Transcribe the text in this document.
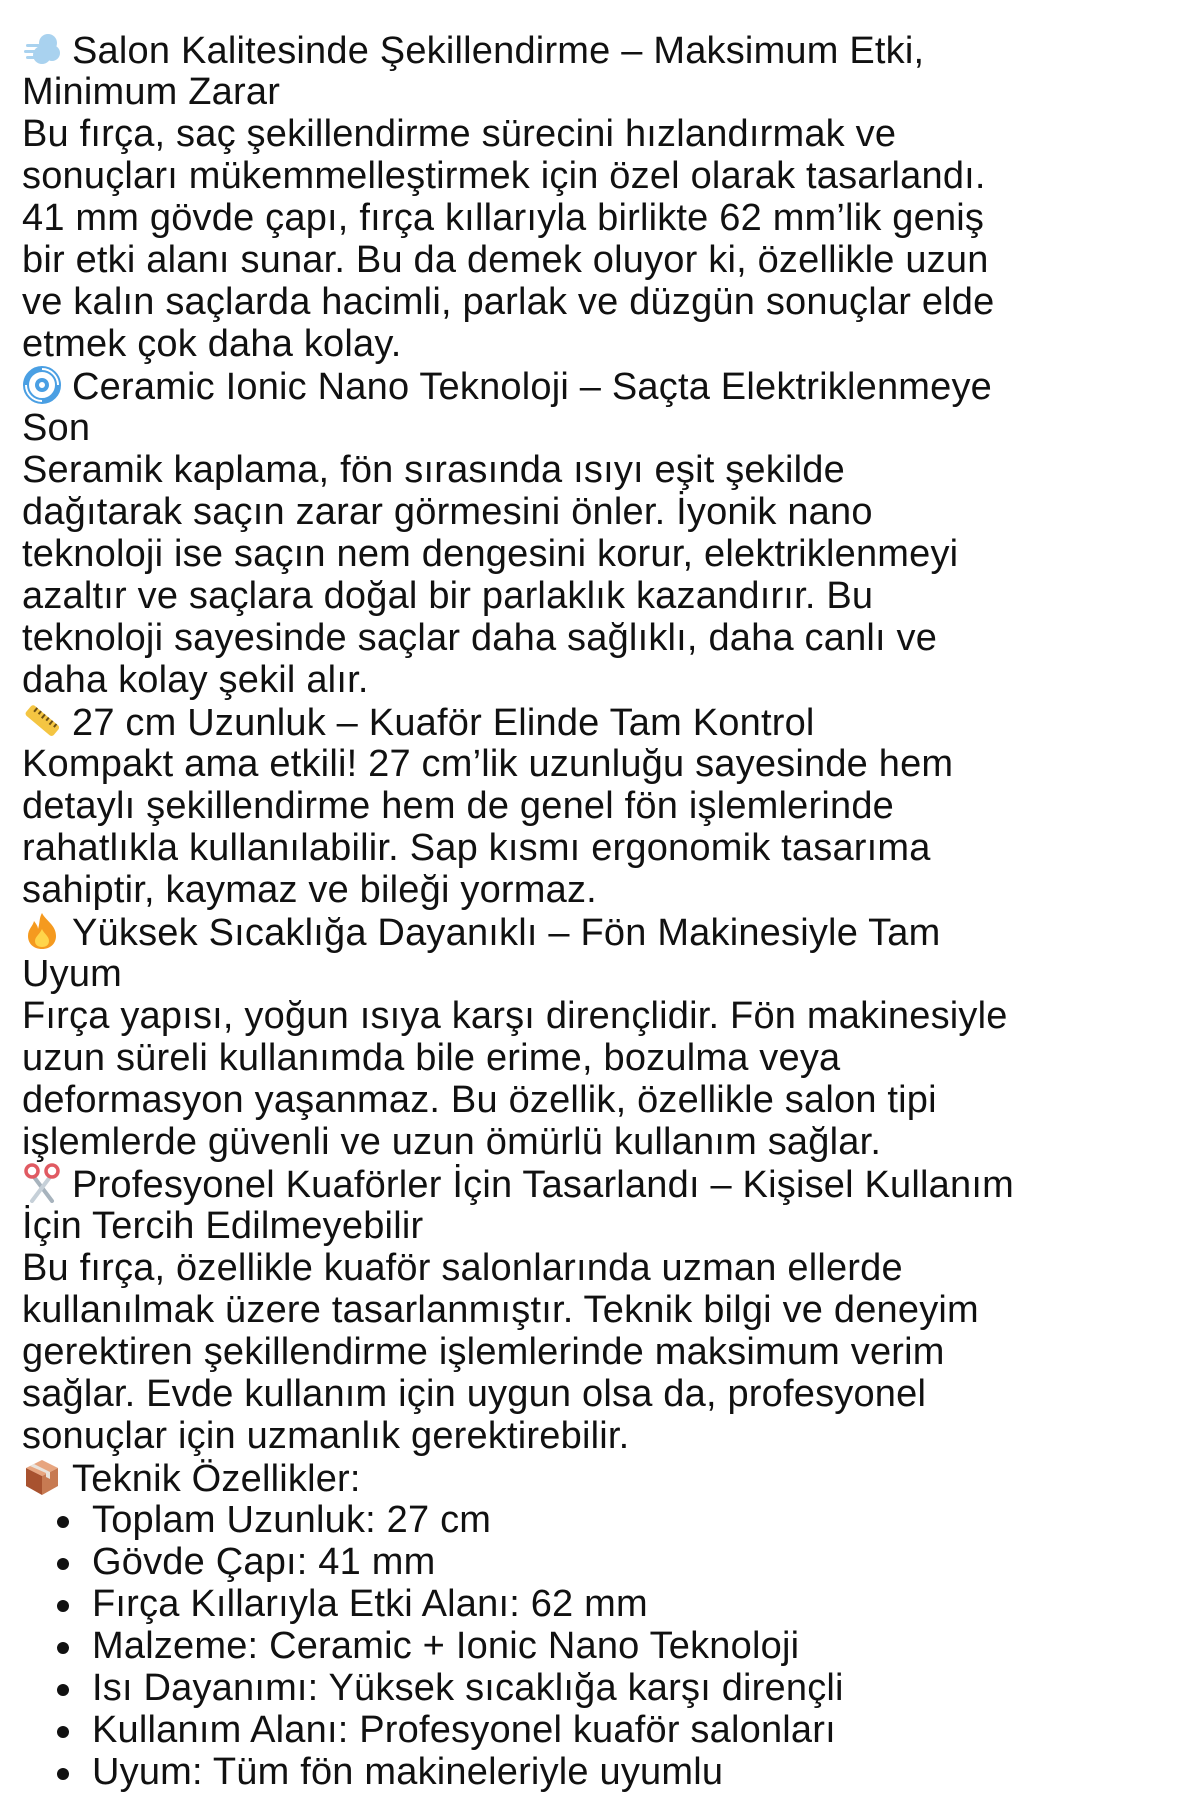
Salon Kalitesinde Şekillendirme – Maksimum Etki,
Minimum Zarar
Bu fırça, saç şekillendirme sürecini hızlandırmak ve
sonuçları mükemmelleştirmek için özel olarak tasarlandı.
41 mm gövde çapı, fırça kıllarıyla birlikte 62 mm’lik geniş
bir etki alanı sunar. Bu da demek oluyor ki, özellikle uzun
ve kalın saçlarda hacimli, parlak ve düzgün sonuçlar elde
etmek çok daha kolay.
Ceramic Ionic Nano Teknoloji – Saçta Elektriklenmeye
Son
Seramik kaplama, fön sırasında ısıyı eşit şekilde
dağıtarak saçın zarar görmesini önler. İyonik nano
teknoloji ise saçın nem dengesini korur, elektriklenmeyi
azaltır ve saçlara doğal bir parlaklık kazandırır. Bu
teknoloji sayesinde saçlar daha sağlıklı, daha canlı ve
daha kolay şekil alır.
27 cm Uzunluk – Kuaför Elinde Tam Kontrol
Kompakt ama etkili! 27 cm’lik uzunluğu sayesinde hem
detaylı şekillendirme hem de genel fön işlemlerinde
rahatlıkla kullanılabilir. Sap kısmı ergonomik tasarıma
sahiptir, kaymaz ve bileği yormaz.
Yüksek Sıcaklığa Dayanıklı – Fön Makinesiyle Tam
Uyum
Fırça yapısı, yoğun ısıya karşı dirençlidir. Fön makinesiyle
uzun süreli kullanımda bile erime, bozulma veya
deformasyon yaşanmaz. Bu özellik, özellikle salon tipi
işlemlerde güvenli ve uzun ömürlü kullanım sağlar.
Profesyonel Kuaförler İçin Tasarlandı – Kişisel Kullanım
İçin Tercih Edilmeyebilir
Bu fırça, özellikle kuaför salonlarında uzman ellerde
kullanılmak üzere tasarlanmıştır. Teknik bilgi ve deneyim
gerektiren şekillendirme işlemlerinde maksimum verim
sağlar. Evde kullanım için uygun olsa da, profesyonel
sonuçlar için uzmanlık gerektirebilir.
Teknik Özellikler:
Toplam Uzunluk: 27 cm
Gövde Çapı: 41 mm
Fırça Kıllarıyla Etki Alanı: 62 mm
Malzeme: Ceramic + Ionic Nano Teknoloji
Isı Dayanımı: Yüksek sıcaklığa karşı dirençli
Kullanım Alanı: Profesyonel kuaför salonları
Uyum: Tüm fön makineleriyle uyumlu
